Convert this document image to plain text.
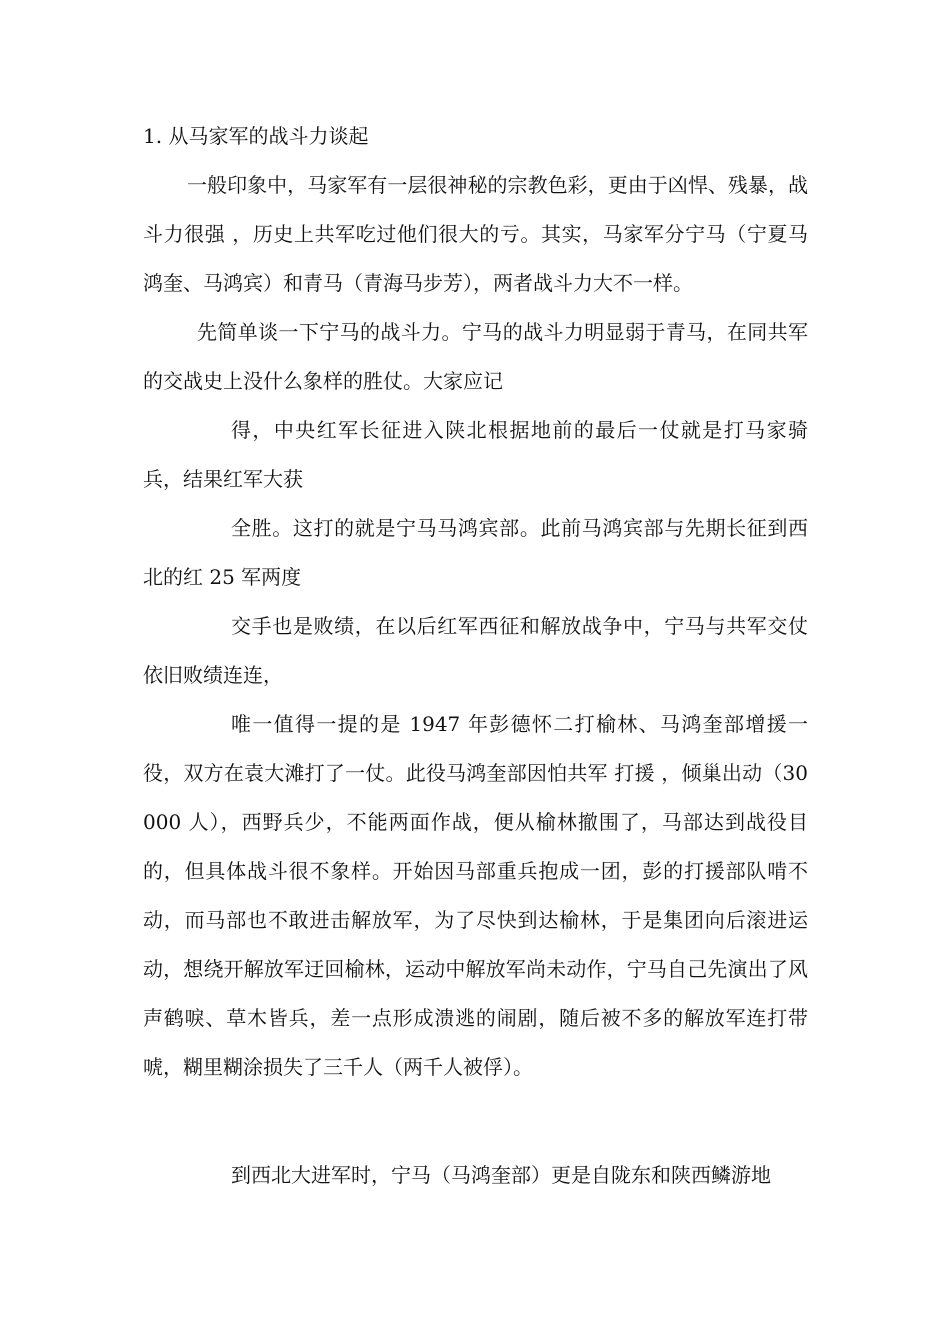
1. 从马家军的战斗力谈起
一般印象中，马家军有一层很神秘的宗教色彩，更由于凶悍、残暴，战斗力很强 ，历史上共军吃过他们很大的亏。其实，马家军分宁马（宁夏马鸿奎、马鸿宾）和青马（青海马步芳），两者战斗力大不一样。
先简单谈一下宁马的战斗力。宁马的战斗力明显弱于青马，在同共军的交战史上没什么象样的胜仗。大家应记
得，中央红军长征进入陕北根据地前的最后一仗就是打马家骑兵，结果红军大获
全胜。这打的就是宁马马鸿宾部。此前马鸿宾部与先期长征到西北的红 25 军两度
交手也是败绩，在以后红军西征和解放战争中，宁马与共军交仗依旧败绩连连，
唯一值得一提的是 1947 年彭德怀二打榆林、马鸿奎部增援一役，双方在袁大滩打了一仗。此役马鸿奎部因怕共军 打援 ，倾巢出动（30000 人），西野兵少，不能两面作战，便从榆林撤围了，马部达到战役目的，但具体战斗很不象样。开始因马部重兵抱成一团，彭的打援部队啃不动，而马部也不敢进击解放军，为了尽快到达榆林，于是集团向后滚进运动，想绕开解放军迂回榆林，运动中解放军尚未动作，宁马自己先演出了风声鹤唳、草木皆兵，差一点形成溃逃的闹剧，随后被不多的解放军连打带唬，糊里糊涂损失了三千人（两千人被俘）。
到西北大进军时，宁马（马鸿奎部）更是自陇东和陕西鳞游地
